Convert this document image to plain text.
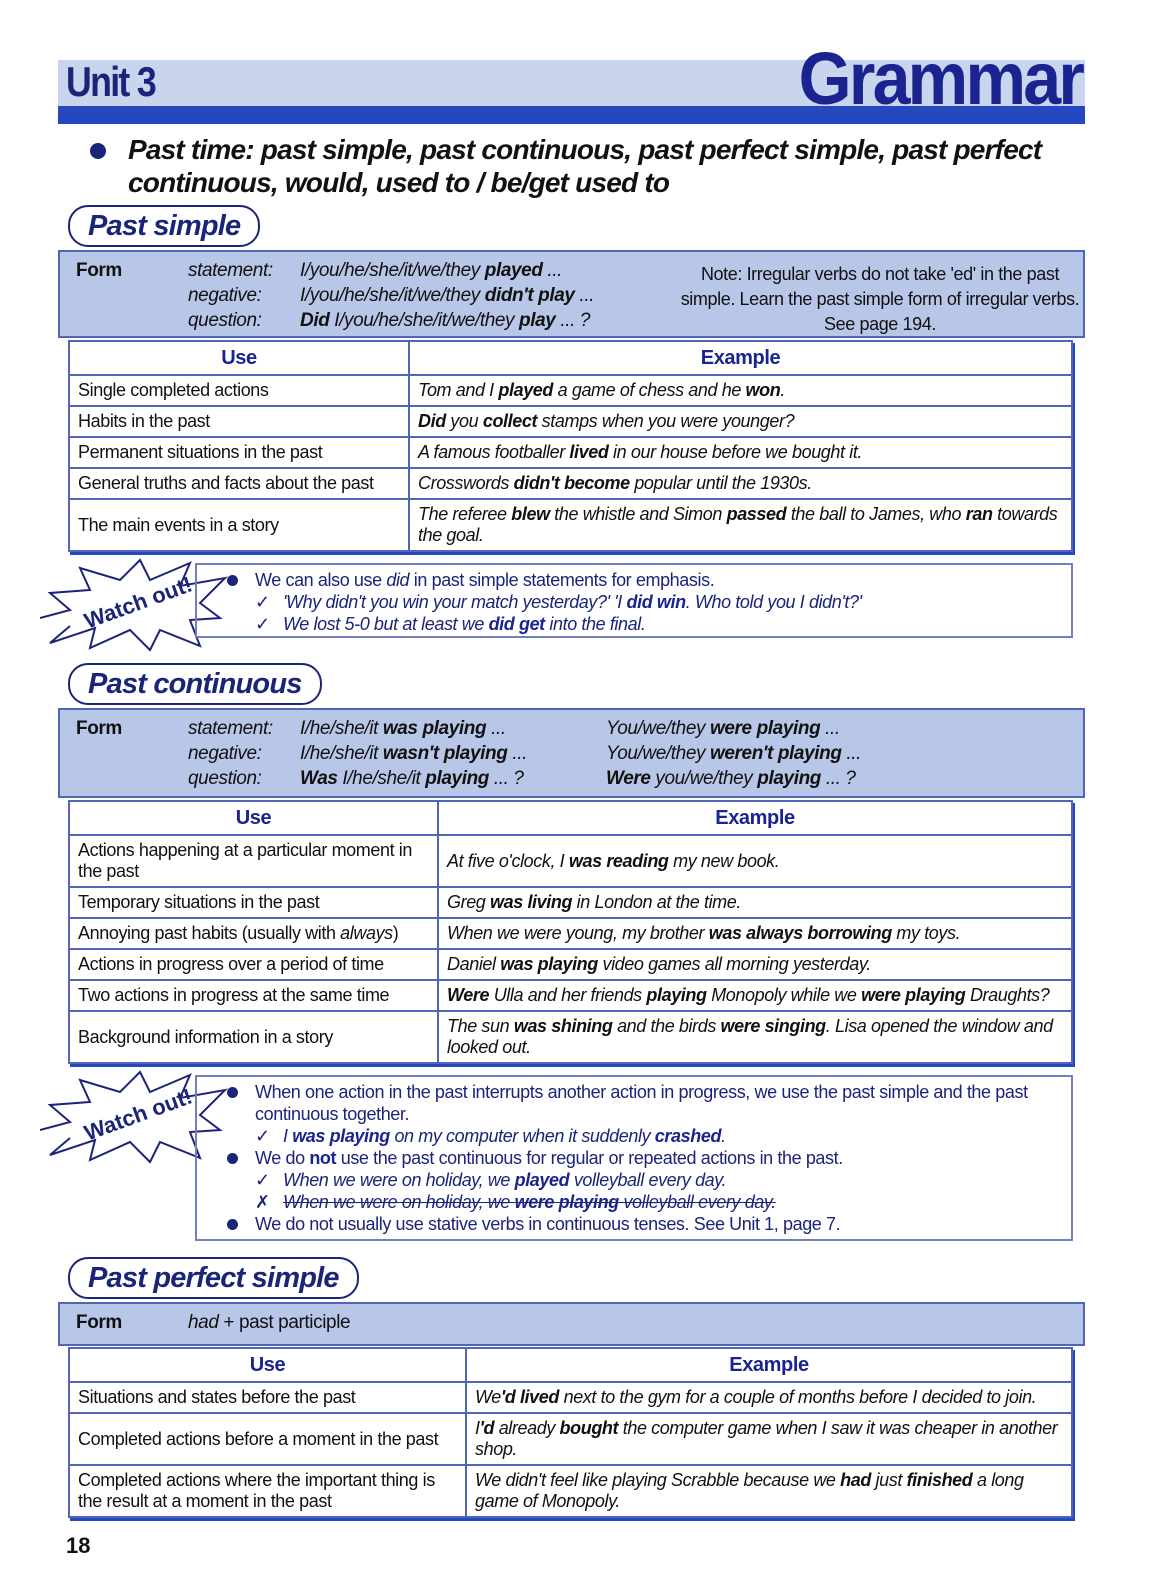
Unit 3	Grammar
Past time: past simple, past continuous, past perfect simple, past perfect continuous, would, used to / be/get used to
Past simple
Form	statement: I/you/he/she/it/we/they played ...
negative: I/you/he/she/it/we/they didn't play ...
question: Did I/you/he/she/it/we/they play ... ?
Note: Irregular verbs do not take 'ed' in the past simple. Learn the past simple form of irregular verbs. See page 194.
Use	Example
Single completed actions	Tom and I played a game of chess and he won.
Habits in the past	Did you collect stamps when you were younger?
Permanent situations in the past	A famous footballer lived in our house before we bought it.
General truths and facts about the past	Crosswords didn't become popular until the 1930s.
The main events in a story	The referee blew the whistle and Simon passed the ball to James, who ran towards the goal.
Watch out!	We can also use did in past simple statements for emphasis.
✓ 'Why didn't you win your match yesterday?' 'I did win. Who told you I didn't?'
✓ We lost 5-0 but at least we did get into the final.
Past continuous
Form	statement: I/he/she/it was playing ...	You/we/they were playing ...
negative: I/he/she/it wasn't playing ...	You/we/they weren't playing ...
question: Was I/he/she/it playing ... ?	Were you/we/they playing ... ?
Use	Example
Actions happening at a particular moment in the past	At five o'clock, I was reading my new book.
Temporary situations in the past	Greg was living in London at the time.
Annoying past habits (usually with always)	When we were young, my brother was always borrowing my toys.
Actions in progress over a period of time	Daniel was playing video games all morning yesterday.
Two actions in progress at the same time	Were Ulla and her friends playing Monopoly while we were playing Draughts?
Background information in a story	The sun was shining and the birds were singing. Lisa opened the window and looked out.
Watch out!	When one action in the past interrupts another action in progress, we use the past simple and the past continuous together.
✓ I was playing on my computer when it suddenly crashed.
We do not use the past continuous for regular or repeated actions in the past.
✓ When we were on holiday, we played volleyball every day.
✗ When we were on holiday, we were playing volleyball every day.
We do not usually use stative verbs in continuous tenses. See Unit 1, page 7.
Past perfect simple
Form	had + past participle
Use	Example
Situations and states before the past	We'd lived next to the gym for a couple of months before I decided to join.
Completed actions before a moment in the past	I'd already bought the computer game when I saw it was cheaper in another shop.
Completed actions where the important thing is the result at a moment in the past	We didn't feel like playing Scrabble because we had just finished a long game of Monopoly.
18
